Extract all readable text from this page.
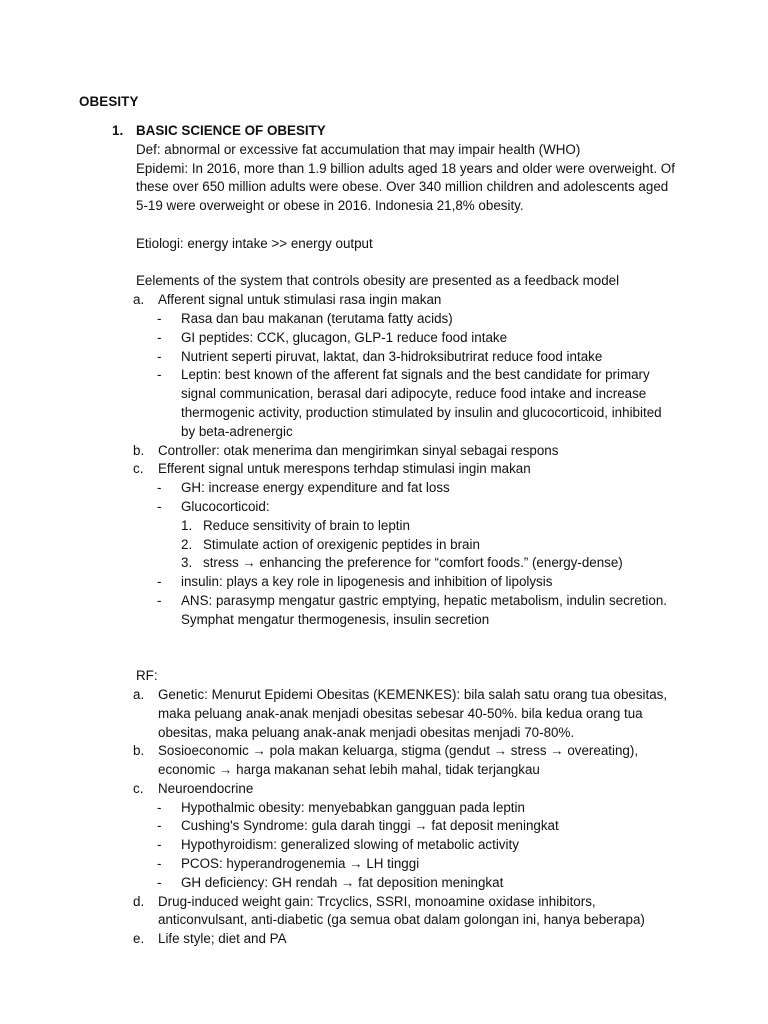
OBESITY
1. BASIC SCIENCE OF OBESITY
Def: abnormal or excessive fat accumulation that may impair health (WHO)
Epidemi: In 2016, more than 1.9 billion adults aged 18 years and older were overweight. Of these over 650 million adults were obese. Over 340 million children and adolescents aged 5-19 were overweight or obese in 2016. Indonesia 21,8% obesity.
Etiologi: energy intake >> energy output
Eelements of the system that controls obesity are presented as a feedback model
a. Afferent signal untuk stimulasi rasa ingin makan
- Rasa dan bau makanan (terutama fatty acids)
- GI peptides: CCK, glucagon, GLP-1 reduce food intake
- Nutrient seperti piruvat, laktat, dan 3-hidroksibutrirat reduce food intake
- Leptin: best known of the afferent fat signals and the best candidate for primary signal communication, berasal dari adipocyte, reduce food intake and increase thermogenic activity, production stimulated by insulin and glucocorticoid, inhibited by beta-adrenergic
b. Controller: otak menerima dan mengirimkan sinyal sebagai respons
c. Efferent signal untuk merespons terhdap stimulasi ingin makan
- GH: increase energy expenditure and fat loss
- Glucocorticoid:
1. Reduce sensitivity of brain to leptin
2. Stimulate action of orexigenic peptides in brain
3. stress → enhancing the preference for “comfort foods.” (energy-dense)
- insulin: plays a key role in lipogenesis and inhibition of lipolysis
- ANS: parasymp mengatur gastric emptying, hepatic metabolism, indulin secretion. Symphat mengatur thermogenesis, insulin secretion
RF:
a. Genetic: Menurut Epidemi Obesitas (KEMENKES): bila salah satu orang tua obesitas, maka peluang anak-anak menjadi obesitas sebesar 40-50%. bila kedua orang tua obesitas, maka peluang anak-anak menjadi obesitas menjadi 70-80%.
b. Sosioeconomic → pola makan keluarga, stigma (gendut → stress → overeating), economic → harga makanan sehat lebih mahal, tidak terjangkau
c. Neuroendocrine
- Hypothalmic obesity: menyebabkan gangguan pada leptin
- Cushing's Syndrome: gula darah tinggi → fat deposit meningkat
- Hypothyroidism: generalized slowing of metabolic activity
- PCOS: hyperandrogenemia → LH tinggi
- GH deficiency: GH rendah → fat deposition meningkat
d. Drug-induced weight gain: Trcyclics, SSRI, monoamine oxidase inhibitors, anticonvulsant, anti-diabetic (ga semua obat dalam golongan ini, hanya beberapa)
e. Life style; diet and PA
